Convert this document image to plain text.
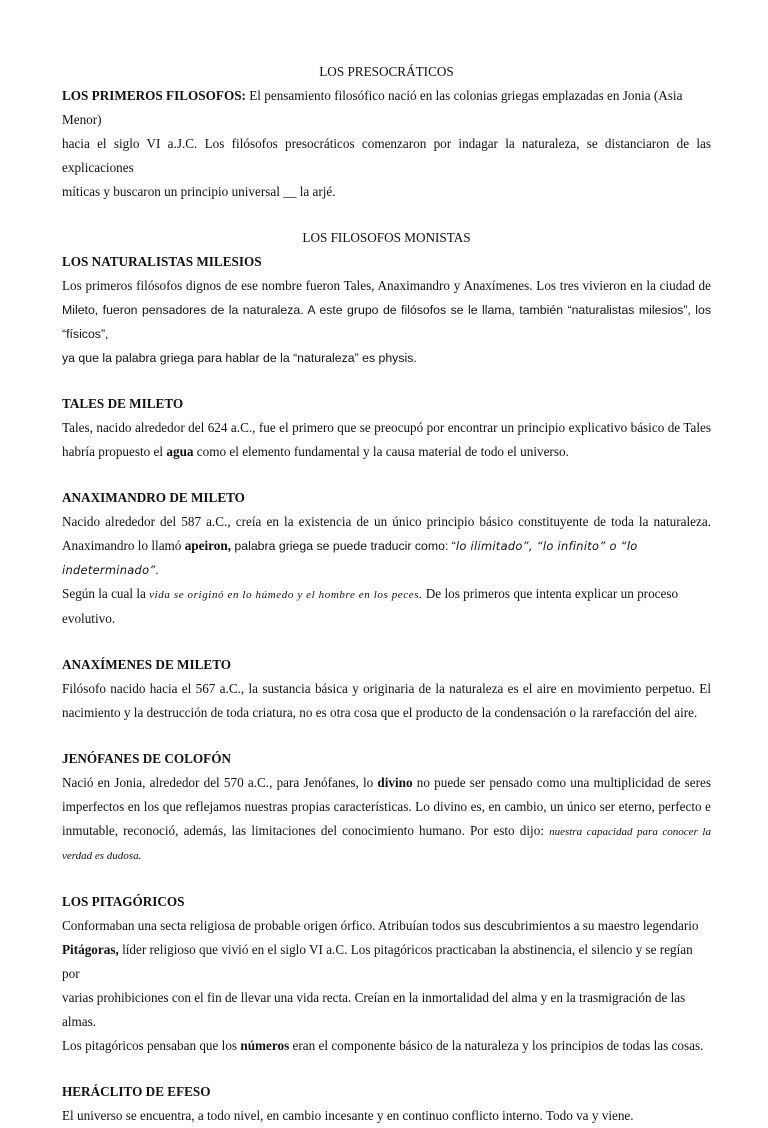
LOS PRESOCRÁTICOS

LOS PRIMEROS FILOSOFOS: El pensamiento filosófico nació en las colonias griegas emplazadas en Jonia (Asia Menor)

hacia el siglo VI a.J.C. Los filósofos presocráticos comenzaron por indagar la naturaleza, se distanciaron de las explicaciones

míticas y buscaron un principio universal __ la arjé.

LOS FILOSOFOS MONISTAS

LOS NATURALISTAS MILESIOS

Los primeros filósofos dignos de ese nombre fueron Tales, Anaximandro y Anaxímenes. Los tres vivieron en la ciudad de

Mileto, fueron pensadores de la naturaleza. A este grupo de filósofos se le llama, también “naturalistas milesios”, los “físicos”,

ya que la palabra griega para hablar de la “naturaleza” es physis.

TALES DE MILETO

Tales, nacido alrededor del 624 a.C., fue el primero que se preocupó por encontrar un principio explicativo básico de Tales

habría propuesto el agua como el elemento fundamental y la causa material de todo el universo.

ANAXIMANDRO DE MILETO

Nacido alrededor del 587 a.C., creía en la existencia de un único principio básico constituyente de toda la naturaleza.

Anaximandro lo llamó apeiron, palabra griega se puede traducir como: “lo ilimitado”, “lo infinito” o “lo indeterminado”.

Según la cual la vida se originó en lo húmedo y el hombre en los peces. De los primeros que intenta explicar un proceso

evolutivo.

ANAXÍMENES DE MILETO

Filósofo nacido hacia el 567 a.C., la sustancia básica y originaria de la naturaleza es el aire en movimiento perpetuo. El

nacimiento y la destrucción de toda criatura, no es otra cosa que el producto de la condensación o la rarefacción del aire.

JENÓFANES DE COLOFÓN

Nació en Jonia, alrededor del 570 a.C., para Jenófanes, lo divino no puede ser pensado como una multiplicidad de seres

imperfectos en los que reflejamos nuestras propias características. Lo divino es, en cambio, un único ser eterno, perfecto e

inmutable, reconoció, además, las limitaciones del conocimiento humano. Por esto dijo: nuestra capacidad para conocer la

verdad es dudosa.

LOS PITAGÓRICOS

Conformaban una secta religiosa de probable origen órfico. Atribuían todos sus descubrimientos a su maestro legendario

Pitágoras, líder religioso que vivió en el siglo VI a.C. Los pitagóricos practicaban la abstinencia, el silencio y se regían por

varias prohibiciones con el fin de llevar una vida recta. Creían en la inmortalidad del alma y en la trasmigración de las almas.

Los pitagóricos pensaban que los números eran el componente básico de la naturaleza y los principios de todas las cosas.

HERÁCLITO DE EFESO

El universo se encuentra, a todo nivel, en cambio incesante y en continuo conflicto interno. Todo va y viene.
